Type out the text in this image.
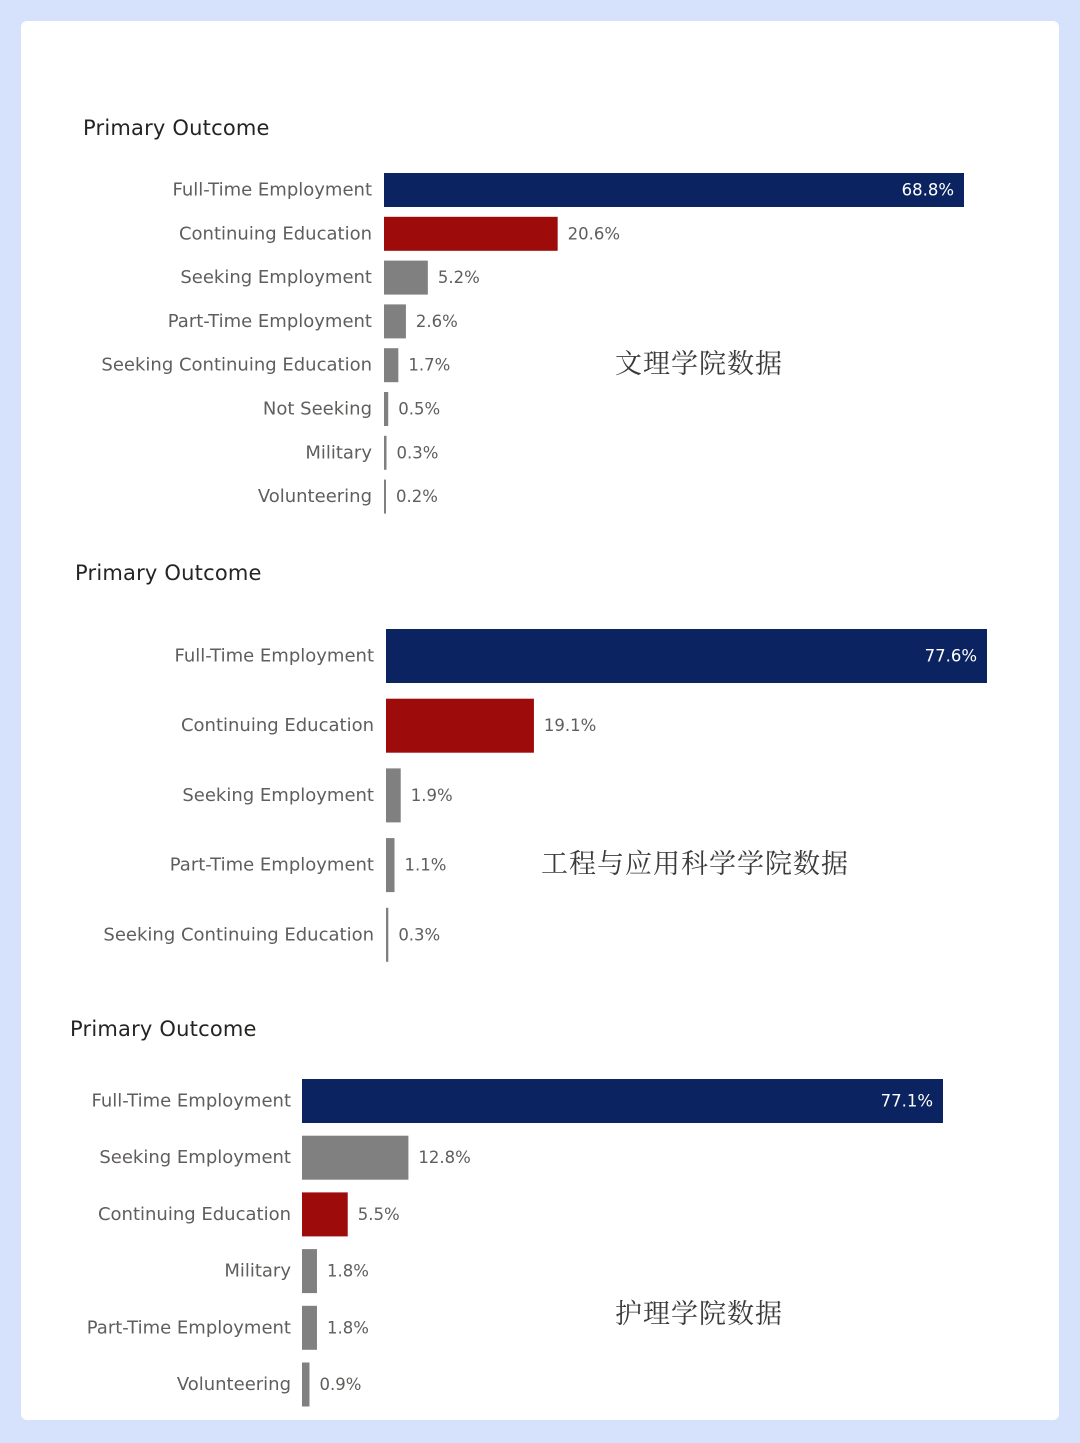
Primary Outcome
Full-Time Employment	68.8%
Continuing Education	20.6%
Seeking Employment	5.2%
Part-Time Employment	2.6%
Seeking Continuing Education 1.7%
Not Seeking 0.5%
Military 0.3%
Volunteering 0.2%
文理学院数据
Primary Outcome
Full-Time Employment	77.6%
Continuing Education	19.1%
Seeking Employment 1.9%
Part-Time Employment 1.1%
Seeking Continuing Education 0.3%
工程与应用科学学院数据
Primary Outcome
Full-Time Employment	77.1%
Seeking Employment	12.8%
Continuing Education	5.5%
Military 1.8%
Part-Time Employment 1.8%
Volunteering 0.9%
护理学院数据
